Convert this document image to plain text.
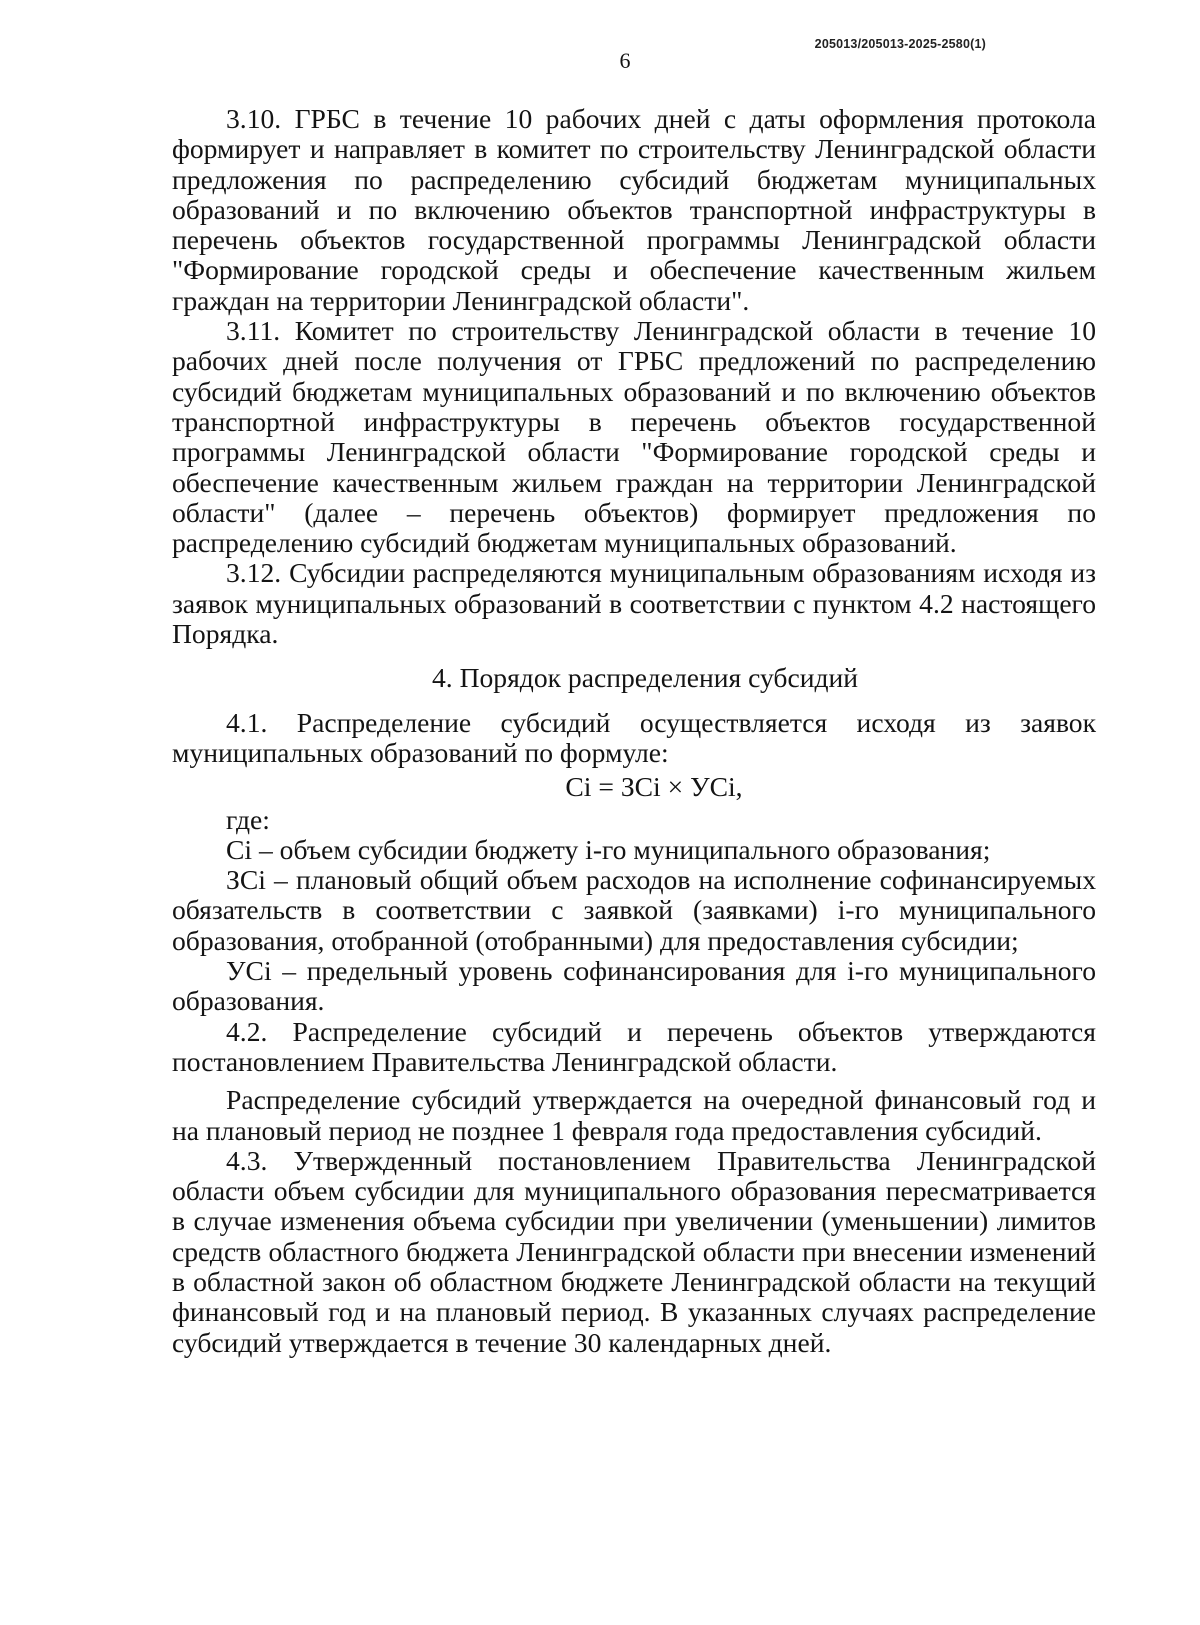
205013/205013-2025-2580(1)
6

3.10. ГРБС в течение 10 рабочих дней с даты оформления протокола формирует и направляет в комитет по строительству Ленинградской области предложения по распределению субсидий бюджетам муниципальных образований и по включению объектов транспортной инфраструктуры в перечень объектов государственной программы Ленинградской области "Формирование городской среды и обеспечение качественным жильем граждан на территории Ленинградской области".

3.11. Комитет по строительству Ленинградской области в течение 10 рабочих дней после получения от ГРБС предложений по распределению субсидий бюджетам муниципальных образований и по включению объектов транспортной инфраструктуры в перечень объектов государственной программы Ленинградской области "Формирование городской среды и обеспечение качественным жильем граждан на территории Ленинградской области" (далее – перечень объектов) формирует предложения по распределению субсидий бюджетам муниципальных образований.

3.12. Субсидии распределяются муниципальным образованиям исходя из заявок муниципальных образований в соответствии с пунктом 4.2 настоящего Порядка.

4. Порядок распределения субсидий

4.1. Распределение субсидий осуществляется исходя из заявок муниципальных образований по формуле:

Ci = ЗCi × УCi,

где:

Ci – объем субсидии бюджету i-го муниципального образования;

ЗCi – плановый общий объем расходов на исполнение софинансируемых обязательств в соответствии с заявкой (заявками) i-го муниципального образования, отобранной (отобранными) для предоставления субсидии;

УCi – предельный уровень софинансирования для i-го муниципального образования.

4.2. Распределение субсидий и перечень объектов утверждаются постановлением Правительства Ленинградской области.

Распределение субсидий утверждается на очередной финансовый год и на плановый период не позднее 1 февраля года предоставления субсидий.

4.3. Утвержденный постановлением Правительства Ленинградской области объем субсидии для муниципального образования пересматривается в случае изменения объема субсидии при увеличении (уменьшении) лимитов средств областного бюджета Ленинградской области при внесении изменений в областной закон об областном бюджете Ленинградской области на текущий финансовый год и на плановый период. В указанных случаях распределение субсидий утверждается в течение 30 календарных дней.
